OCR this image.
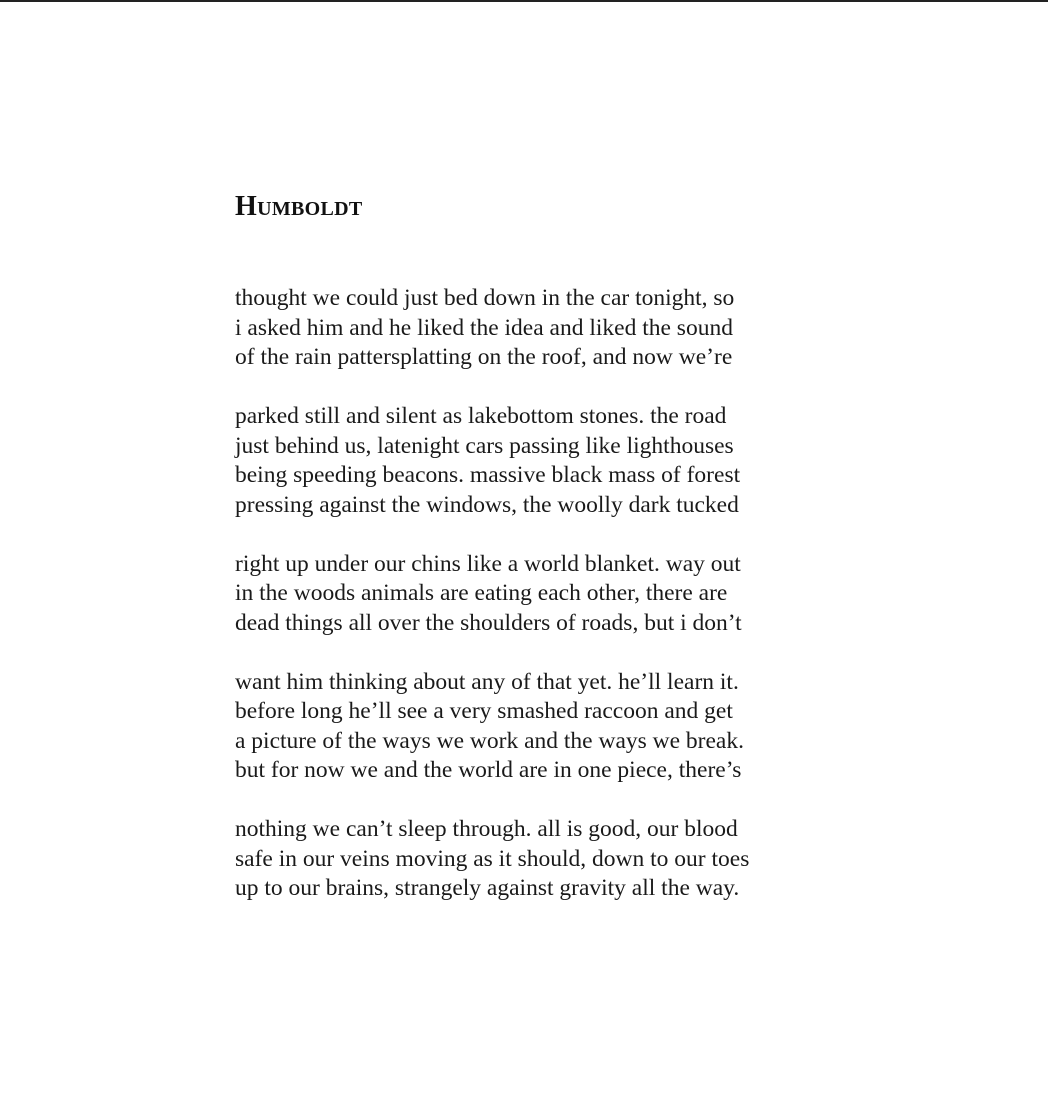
Humboldt
thought we could just bed down in the car tonight, so
i asked him and he liked the idea and liked the sound
of the rain pattersplatting on the roof, and now we’re
parked still and silent as lakebottom stones. the road
just behind us, latenight cars passing like lighthouses
being speeding beacons. massive black mass of forest
pressing against the windows, the woolly dark tucked
right up under our chins like a world blanket. way out
in the woods animals are eating each other, there are
dead things all over the shoulders of roads, but i don’t
want him thinking about any of that yet. he’ll learn it.
before long he’ll see a very smashed raccoon and get
a picture of the ways we work and the ways we break.
but for now we and the world are in one piece, there’s
nothing we can’t sleep through. all is good, our blood
safe in our veins moving as it should, down to our toes
up to our brains, strangely against gravity all the way.
